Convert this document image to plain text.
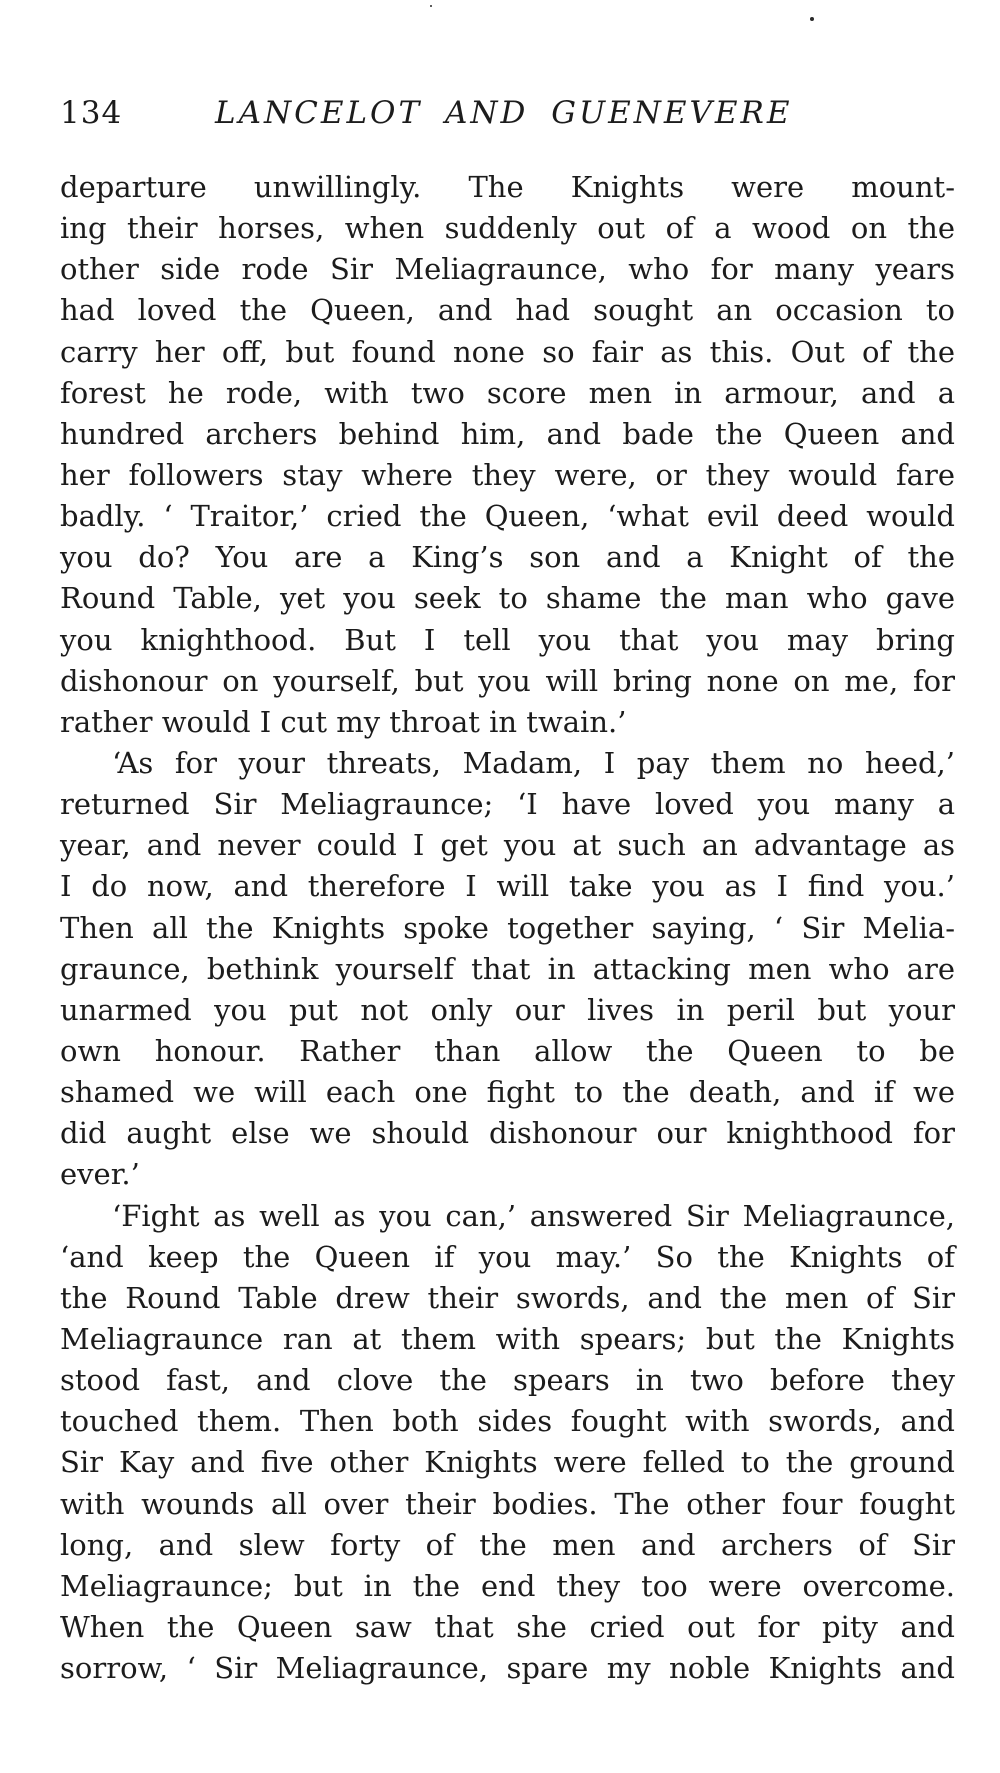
134	LANCELOT AND GUENEVERE
departure unwillingly. The Knights were mount-
ing their horses, when suddenly out of a wood on the
other side rode Sir Meliagraunce, who for many years
had loved the Queen, and had sought an occasion to
carry her off, but found none so fair as this. Out of the
forest he rode, with two score men in armour, and a
hundred archers behind him, and bade the Queen and
her followers stay where they were, or they would fare
badly. ‘ Traitor,’ cried the Queen, ‘what evil deed would
you do? You are a King’s son and a Knight of the
Round Table, yet you seek to shame the man who gave
you knighthood. But I tell you that you may bring
dishonour on yourself, but you will bring none on me, for
rather would I cut my throat in twain.’
‘As for your threats, Madam, I pay them no heed,’
returned Sir Meliagraunce; ‘I have loved you many a
year, and never could I get you at such an advantage as
I do now, and therefore I will take you as I find you.’
Then all the Knights spoke together saying, ‘ Sir Melia-
graunce, bethink yourself that in attacking men who are
unarmed you put not only our lives in peril but your
own honour. Rather than allow the Queen to be
shamed we will each one fight to the death, and if we
did aught else we should dishonour our knighthood for
ever.’
‘Fight as well as you can,’ answered Sir Meliagraunce,
‘and keep the Queen if you may.’ So the Knights of
the Round Table drew their swords, and the men of Sir
Meliagraunce ran at them with spears; but the Knights
stood fast, and clove the spears in two before they
touched them. Then both sides fought with swords, and
Sir Kay and five other Knights were felled to the ground
with wounds all over their bodies. The other four fought
long, and slew forty of the men and archers of Sir
Meliagraunce; but in the end they too were overcome.
When the Queen saw that she cried out for pity and
sorrow, ‘ Sir Meliagraunce, spare my noble Knights and
